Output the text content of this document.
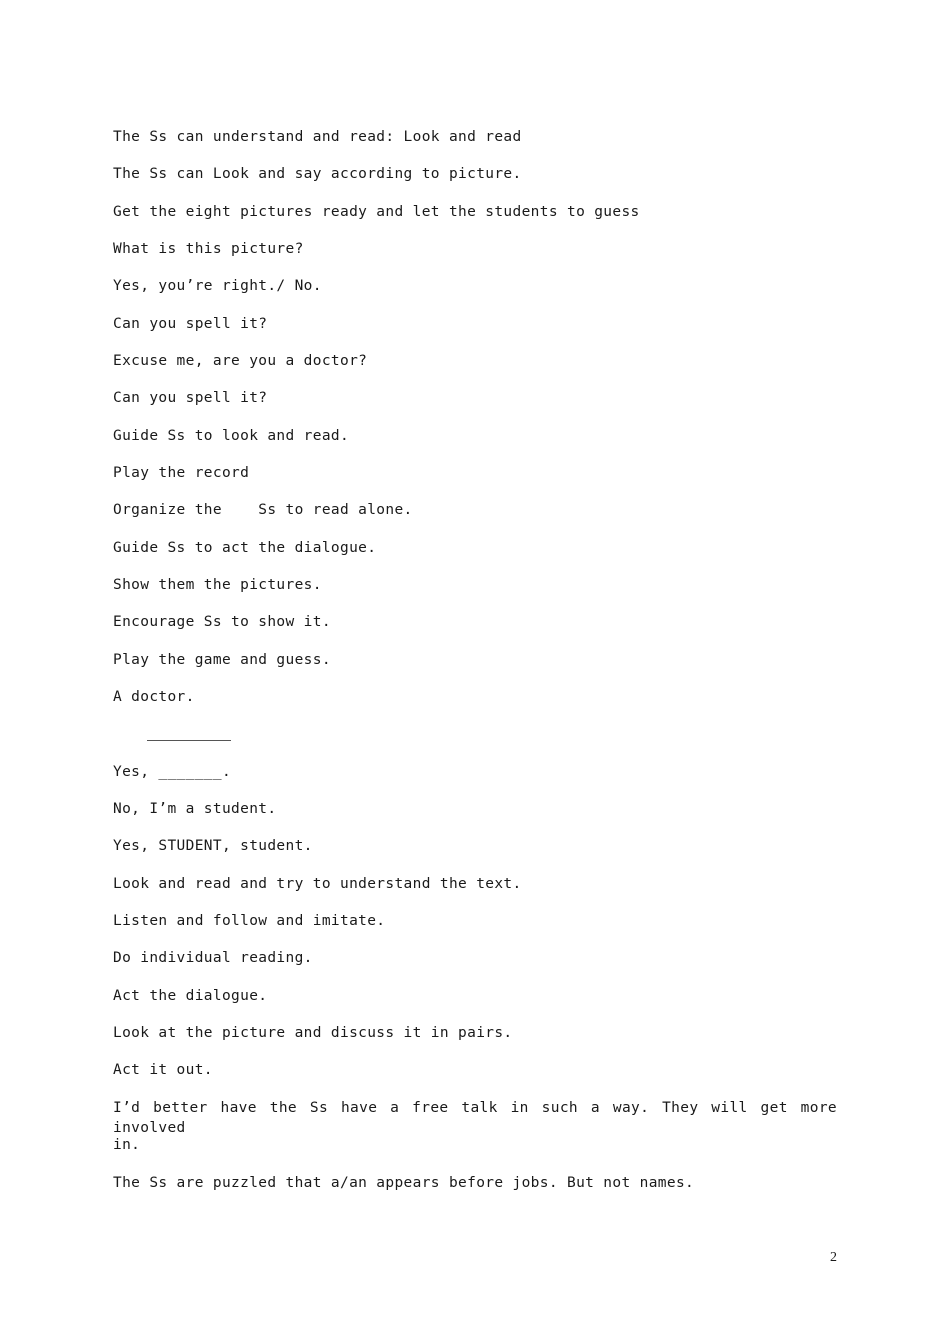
The Ss can understand and read: Look and read
The Ss can Look and say according to picture.
Get the eight pictures ready and let the students to guess
What is this picture?
Yes, you’re right./ No.
Can you spell it?
Excuse me, are you a doctor?
Can you spell it?
Guide Ss to look and read.
Play the record
Organize the    Ss to read alone.
Guide Ss to act the dialogue.
Show them the pictures.
Encourage Ss to show it.
Play the game and guess.
A doctor.
Yes, _______.
No, I’m a student.
Yes, STUDENT, student.
Look and read and try to understand the text.
Listen and follow and imitate.
Do individual reading.
Act the dialogue.
Look at the picture and discuss it in pairs.
Act it out.
I’d better have the Ss have a free talk in such a way. They will get more involved
in.
The Ss are puzzled that a/an appears before jobs. But not names.
2
